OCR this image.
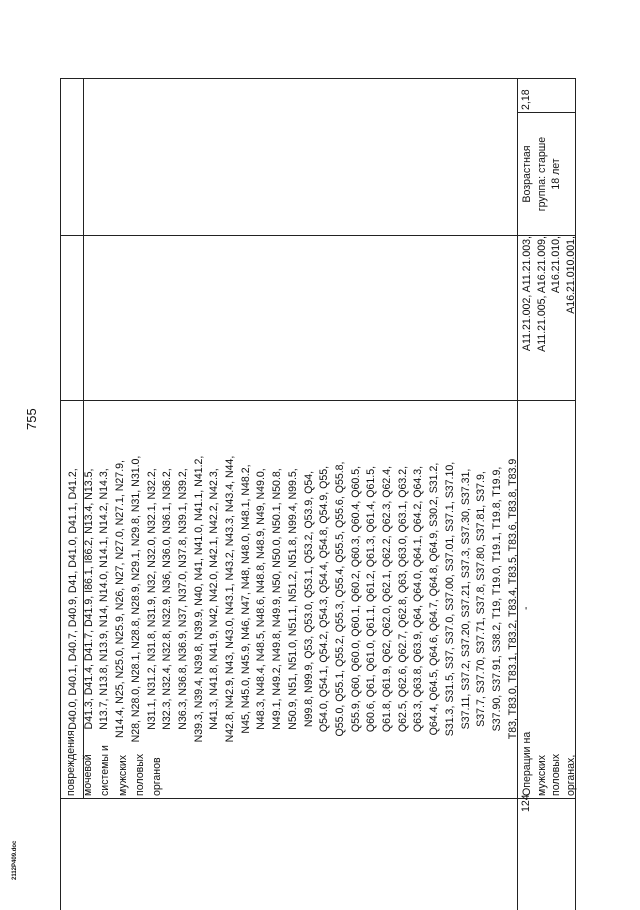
755
2112Р409.doc
повреждения мочевой системы и мужских половых органов
D40.0, D40.1, D40.7, D40.9, D41, D41.0, D41.1, D41.2, D41.3, D41.4, D41.7, D41.9, I86.1, I86.2, N13.4, N13.5, N13.7, N13.8, N13.9, N14, N14.0, N14.1, N14.2, N14.3, N14.4, N25, N25.0, N25.9, N26, N27, N27.0, N27.1, N27.9, N28, N28.0, N28.1, N28.8, N28.9, N29.1, N29.8, N31, N31.0, N31.1, N31.2, N31.8, N31.9, N32, N32.0, N32.1, N32.2, N32.3, N32.4, N32.8, N32.9, N36, N36.0, N36.1, N36.2, N36.3, N36.8, N36.9, N37, N37.0, N37.8, N39.1, N39.2, N39.3, N39.4, N39.8, N39.9, N40, N41, N41.0, N41.1, N41.2, N41.3, N41.8, N41.9, N42, N42.0, N42.1, N42.2, N42.3, N42.8, N42.9, N43, N43.0, N43.1, N43.2, N43.3, N43.4, N44, N45, N45.0, N45.9, N46, N47, N48, N48.0, N48.1, N48.2, N48.3, N48.4, N48.5, N48.6, N48.8, N48.9, N49, N49.0, N49.1, N49.2, N49.8, N49.9, N50, N50.0, N50.1, N50.8, N50.9, N51, N51.0, N51.1, N51.2, N51.8, N99.4, N99.5, N99.8, N99.9, Q53, Q53.0, Q53.1, Q53.2, Q53.9, Q54, Q54.0, Q54.1, Q54.2, Q54.3, Q54.4, Q54.8, Q54.9, Q55, Q55.0, Q55.1, Q55.2, Q55.3, Q55.4, Q55.5, Q55.6, Q55.8, Q55.9, Q60, Q60.0, Q60.1, Q60.2, Q60.3, Q60.4, Q60.5, Q60.6, Q61, Q61.0, Q61.1, Q61.2, Q61.3, Q61.4, Q61.5, Q61.8, Q61.9, Q62, Q62.0, Q62.1, Q62.2, Q62.3, Q62.4, Q62.5, Q62.6, Q62.7, Q62.8, Q63, Q63.0, Q63.1, Q63.2, Q63.3, Q63.8, Q63.9, Q64, Q64.0, Q64.1, Q64.2, Q64.3, Q64.4, Q64.5, Q64.6, Q64.7, Q64.8, Q64.9, S30.2, S31.2, S31.3, S31.5, S37, S37.0, S37.00, S37.01, S37.1, S37.10, S37.11, S37.2, S37.20, S37.21, S37.3, S37.30, S37.31, S37.7, S37.70, S37.71, S37.8, S37.80, S37.81, S37.9, S37.90, S37.91, S38.2, T19, T19.0, T19.1, T19.8, T19.9, T83, T83.0, T83.1, T83.2, T83.4, T83.5, T83.6, T83.8, T83.9
124
Операции на мужских половых органах,
-
A11.21.002, A11.21.003, A11.21.005, A16.21.009, A16.21.010, A16.21.010.001,
Возрастная группа: старше 18 лет
2,18
